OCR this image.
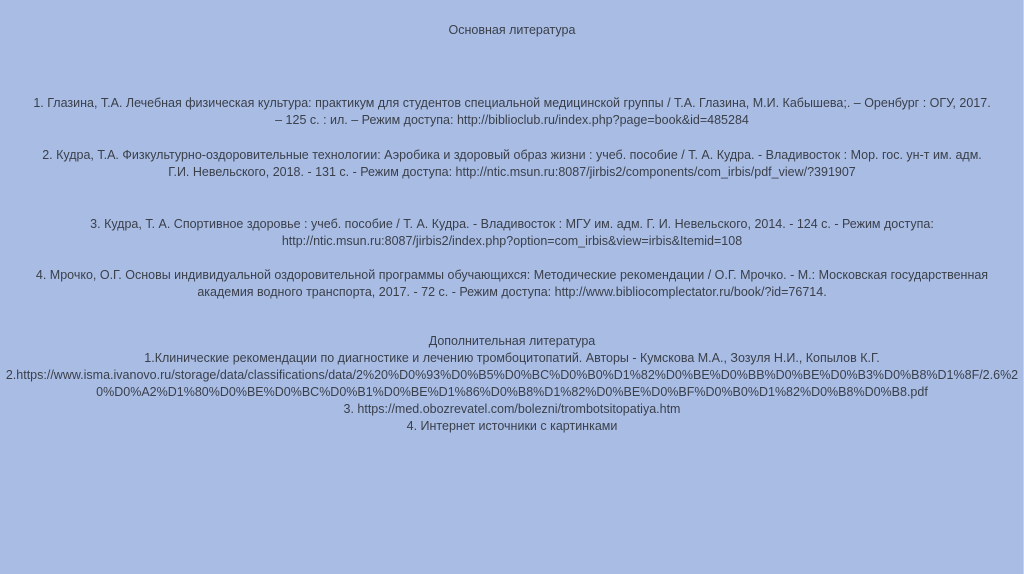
Основная литература
1. Глазина, Т.А. Лечебная физическая культура: практикум для студентов специальной медицинской группы / Т.А. Глазина, М.И. Кабышева;. – Оренбург : ОГУ, 2017. – 125 с. : ил. – Режим доступа: http://biblioclub.ru/index.php?page=book&id=485284
2. Кудра, Т.А. Физкультурно-оздоровительные технологии: Аэробика и здоровый образ жизни : учеб. пособие / Т. А. Кудра. - Владивосток : Мор. гос. ун-т им. адм. Г.И. Невельского, 2018. - 131 с. - Режим доступа: http://ntic.msun.ru:8087/jirbis2/components/com_irbis/pdf_view/?391907
3. Кудра, Т. А. Спортивное здоровье : учеб. пособие / Т. А. Кудра. - Владивосток : МГУ им. адм. Г. И. Невельского, 2014. - 124 с. - Режим доступа: http://ntic.msun.ru:8087/jirbis2/index.php?option=com_irbis&view=irbis&Itemid=108
4. Мрочко, О.Г. Основы индивидуальной оздоровительной программы обучающихся: Методические рекомендации / О.Г. Мрочко. - М.: Московская государственная академия водного транспорта, 2017. - 72 с. - Режим доступа: http://www.bibliocomplectator.ru/book/?id=76714.
Дополнительная литература
1.Клинические рекомендации по диагностике и лечению тромбоцитопатий. Авторы - Кумскова М.А., Зозуля Н.И., Копылов К.Г.
2.https://www.isma.ivanovo.ru/storage/data/classifications/data/2%20%D0%93%D0%B5%D0%BC%D0%B0%D1%82%D0%BE%D0%BB%D0%BE%D0%B3%D0%B8%D1%8F/2.6%20%D0%A2%D1%80%D0%BE%D0%BC%D0%B1%D0%BE%D1%86%D0%B8%D1%82%D0%BE%D0%BF%D0%B0%D1%82%D0%B8%D0%B8.pdf
3. https://med.obozrevatel.com/bolezni/trombotsitopatiya.htm
4. Интернет источники с картинками
